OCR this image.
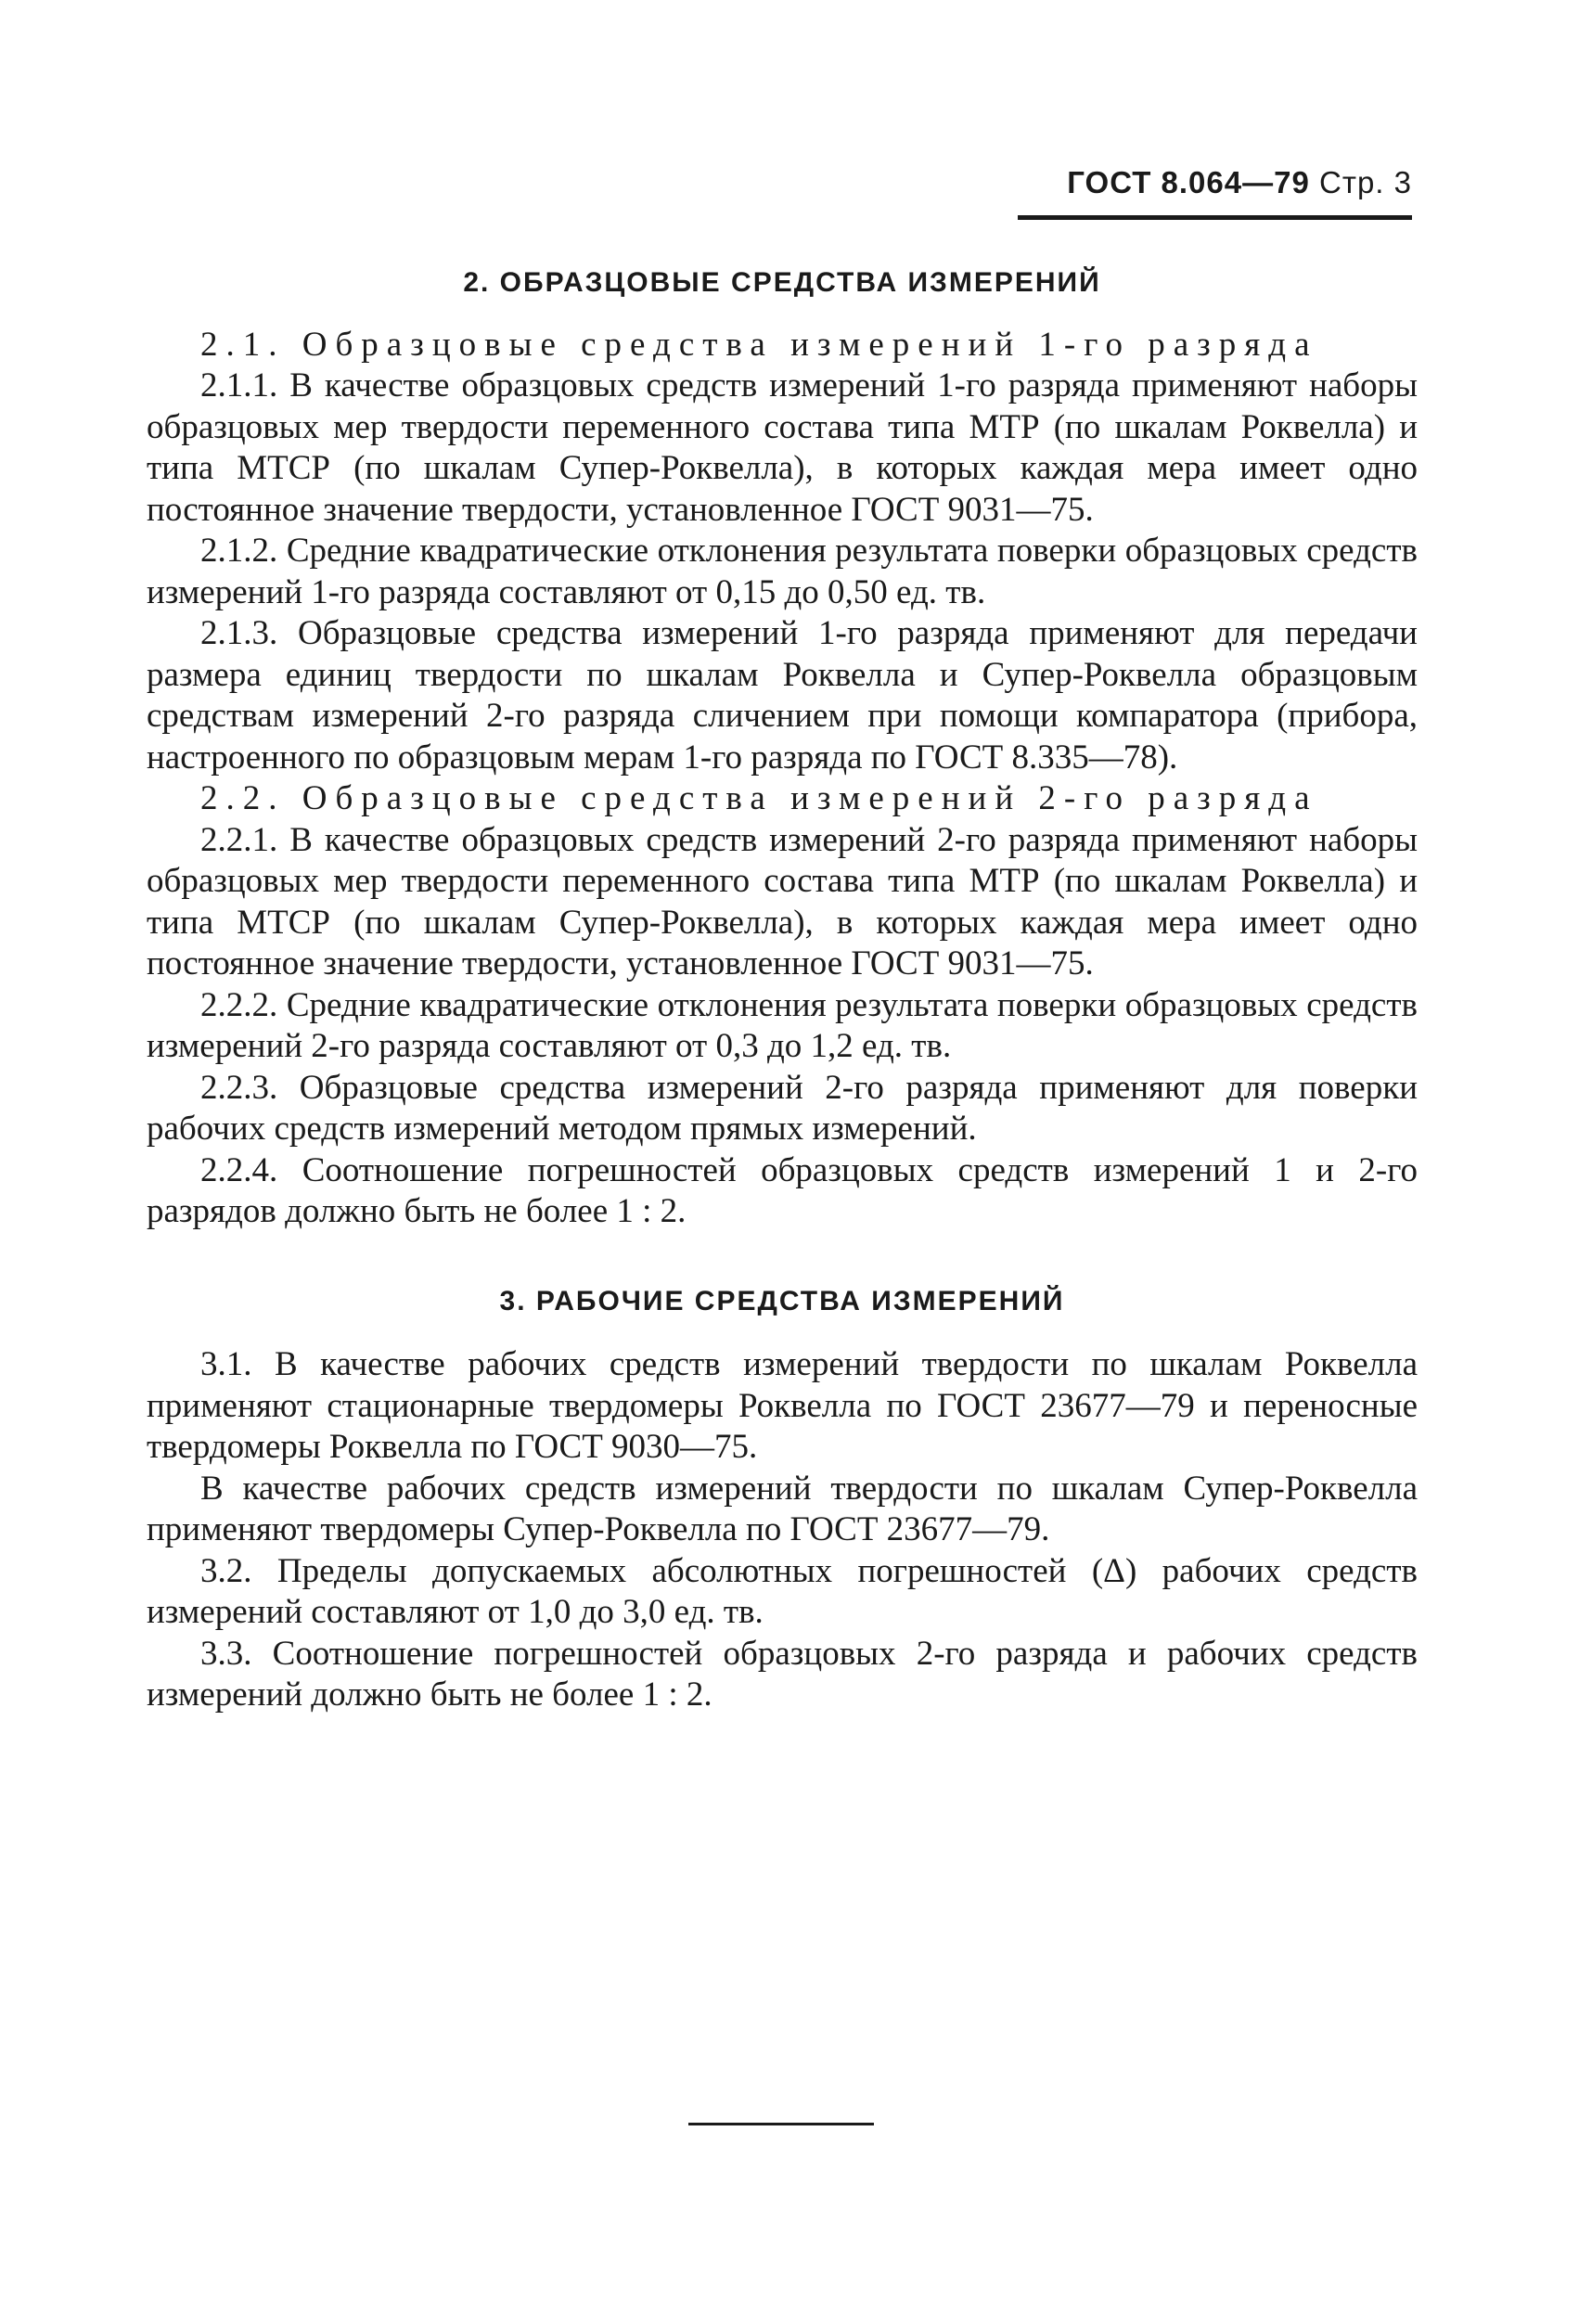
ГОСТ 8.064—79 Стр. 3
2. ОБРАЗЦОВЫЕ СРЕДСТВА ИЗМЕРЕНИЙ

2.1. Образцовые средства измерений 1-го разряда

2.1.1. В качестве образцовых средств измерений 1-го разряда применяют наборы образцовых мер твердости переменного состава типа МТР (по шкалам Роквелла) и типа МТСР (по шкалам Супер-Роквелла), в которых каждая мера имеет одно постоянное значение твердости, установленное ГОСТ 9031—75.

2.1.2. Средние квадратические отклонения результата поверки образцовых средств измерений 1-го разряда составляют от 0,15 до 0,50 ед. тв.

2.1.3. Образцовые средства измерений 1-го разряда применяют для передачи размера единиц твердости по шкалам Роквелла и Супер-Роквелла образцовым средствам измерений 2-го разряда сличением при помощи компаратора (прибора, настроенного по образцовым мерам 1-го разряда по ГОСТ 8.335—78).

2.2. Образцовые средства измерений 2-го разряда

2.2.1. В качестве образцовых средств измерений 2-го разряда применяют наборы образцовых мер твердости переменного состава типа МТР (по шкалам Роквелла) и типа МТСР (по шкалам Супер-Роквелла), в которых каждая мера имеет одно постоянное значение твердости, установленное ГОСТ 9031—75.

2.2.2. Средние квадратические отклонения результата поверки образцовых средств измерений 2-го разряда составляют от 0,3 до 1,2 ед. тв.

2.2.3. Образцовые средства измерений 2-го разряда применяют для поверки рабочих средств измерений методом прямых измерений.

2.2.4. Соотношение погрешностей образцовых средств измерений 1 и 2-го разрядов должно быть не более 1 : 2.

3. РАБОЧИЕ СРЕДСТВА ИЗМЕРЕНИЙ

3.1. В качестве рабочих средств измерений твердости по шкалам Роквелла применяют стационарные твердомеры Роквелла по ГОСТ 23677—79 и переносные твердомеры Роквелла по ГОСТ 9030—75.

В качестве рабочих средств измерений твердости по шкалам Супер-Роквелла применяют твердомеры Супер-Роквелла по ГОСТ 23677—79.

3.2. Пределы допускаемых абсолютных погрешностей (Δ) рабочих средств измерений составляют от 1,0 до 3,0 ед. тв.

3.3. Соотношение погрешностей образцовых 2-го разряда и рабочих средств измерений должно быть не более 1 : 2.
